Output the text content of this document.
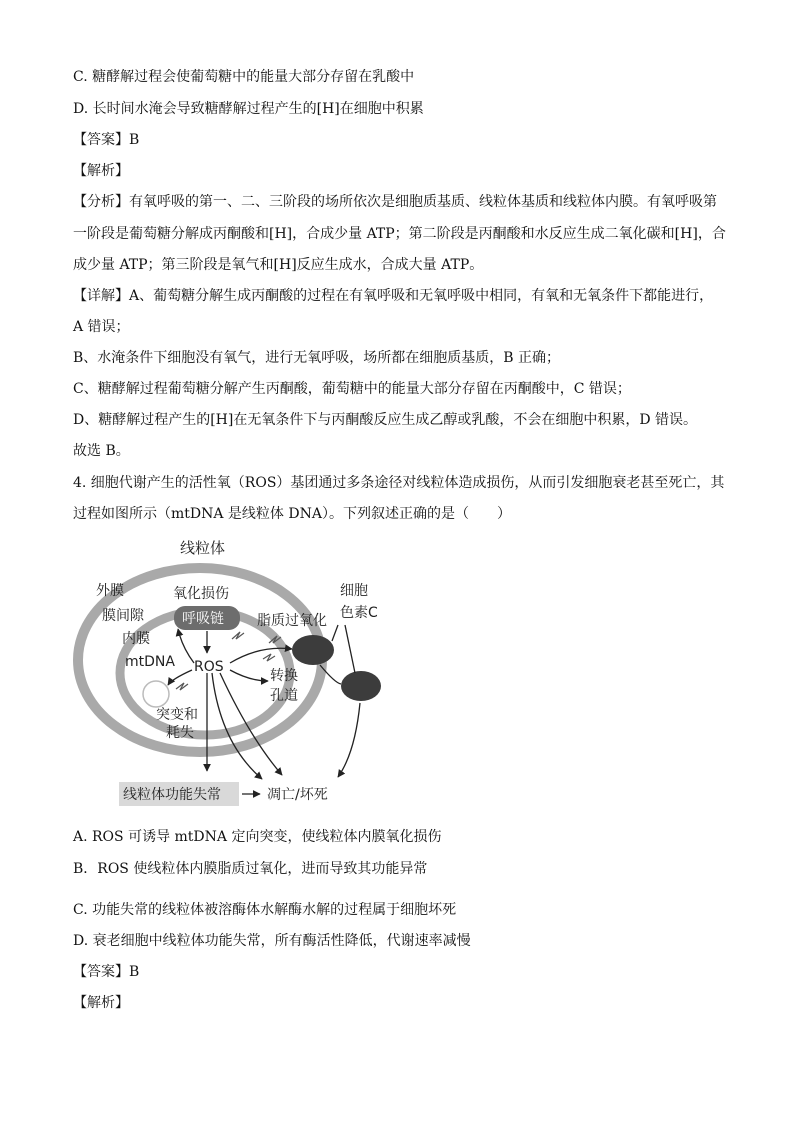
C. 糖酵解过程会使葡萄糖中的能量大部分存留在乳酸中
D. 长时间水淹会导致糖酵解过程产生的[H]在细胞中积累
【答案】B
【解析】
【分析】有氧呼吸的第一、二、三阶段的场所依次是细胞质基质、线粒体基质和线粒体内膜。有氧呼吸第
一阶段是葡萄糖分解成丙酮酸和[H]，合成少量 ATP；第二阶段是丙酮酸和水反应生成二氧化碳和[H]，合
成少量 ATP；第三阶段是氧气和[H]反应生成水，合成大量 ATP。
【详解】A、葡萄糖分解生成丙酮酸的过程在有氧呼吸和无氧呼吸中相同，有氧和无氧条件下都能进行，
A 错误；
B、水淹条件下细胞没有氧气，进行无氧呼吸，场所都在细胞质基质，B 正确；
C、糖酵解过程葡萄糖分解产生丙酮酸，葡萄糖中的能量大部分存留在丙酮酸中，C 错误；
D、糖酵解过程产生的[H]在无氧条件下与丙酮酸反应生成乙醇或乳酸，不会在细胞中积累，D 错误。
故选 B。
4. 细胞代谢产生的活性氧（ROS）基团通过多条途径对线粒体造成损伤，从而引发细胞衰老甚至死亡，其
过程如图所示（mtDNA 是线粒体 DNA）。下列叙述正确的是（　　）
线粒体
外膜
膜间隙
内膜
mtDNA
氧化损伤
呼吸链
ROS
脂质过氧化
细胞
色素C
转换
孔道
突变和
耗失
线粒体功能失常	凋亡/坏死
A. ROS 可诱导 mtDNA 定向突变，使线粒体内膜氧化损伤
B．ROS 使线粒体内膜脂质过氧化，进而导致其功能异常
C. 功能失常的线粒体被溶酶体水解酶水解的过程属于细胞坏死
D. 衰老细胞中线粒体功能失常，所有酶活性降低，代谢速率减慢
【答案】B
【解析】
